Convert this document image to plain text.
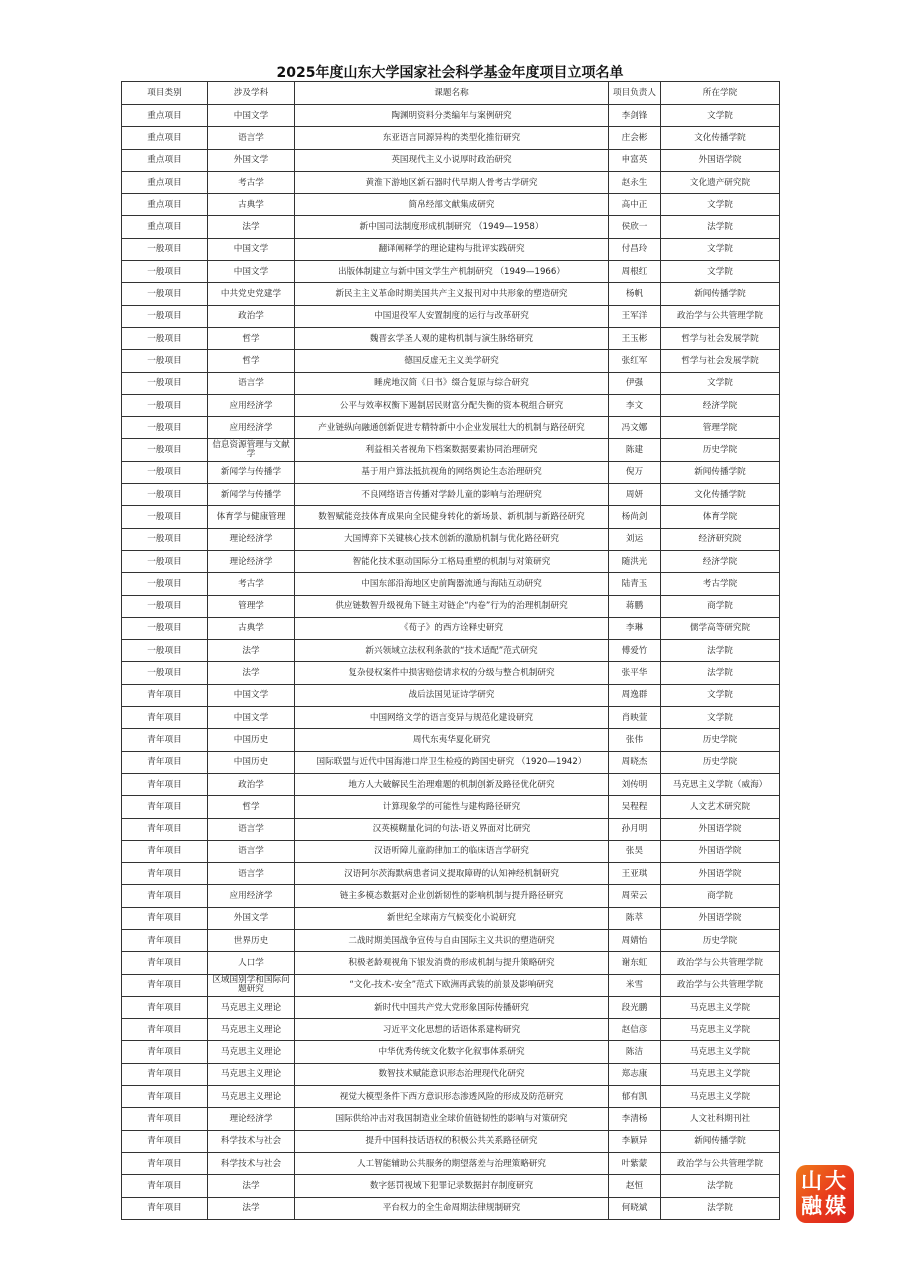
2025年度山东大学国家社会科学基金年度项目立项名单
项目类别	涉及学科	课题名称	项目负责人	所在学院
重点项目	中国文学	陶渊明资料分类编年与案例研究	李剑锋	文学院
重点项目	语言学	东亚语言同源异构的类型化推衍研究	庄会彬	文化传播学院
重点项目	外国文学	英国现代主义小说厚时政治研究	申富英	外国语学院
重点项目	考古学	黄淮下游地区新石器时代早期人骨考古学研究	赵永生	文化遗产研究院
重点项目	古典学	简帛经部文献集成研究	高中正	文学院
重点项目	法学	新中国司法制度形成机制研究 （1949—1958）	侯欣一	法学院
一般项目	中国文学	翻译阐释学的理论建构与批评实践研究	付昌玲	文学院
一般项目	中国文学	出版体制建立与新中国文学生产机制研究 （1949—1966）	周根红	文学院
一般项目	中共党史党建学	新民主主义革命时期美国共产主义报刊对中共形象的塑造研究	杨帆	新闻传播学院
一般项目	政治学	中国退役军人安置制度的运行与改革研究	王军洋	政治学与公共管理学院
一般项目	哲学	魏晋玄学圣人观的建构机制与演生脉络研究	王玉彬	哲学与社会发展学院
一般项目	哲学	德国反虚无主义美学研究	张红军	哲学与社会发展学院
一般项目	语言学	睡虎地汉简《日书》缀合复原与综合研究	伊强	文学院
一般项目	应用经济学	公平与效率权衡下遏制居民财富分配失衡的资本税组合研究	李文	经济学院
一般项目	应用经济学	产业链纵向融通创新促进专精特新中小企业发展壮大的机制与路径研究	冯文娜	管理学院
一般项目	信息资源管理与文献学	利益相关者视角下档案数据要素协同治理研究	陈建	历史学院
一般项目	新闻学与传播学	基于用户算法抵抗视角的网络舆论生态治理研究	倪万	新闻传播学院
一般项目	新闻学与传播学	不良网络语言传播对学龄儿童的影响与治理研究	周妍	文化传播学院
一般项目	体育学与健康管理	数智赋能竞技体育成果向全民健身转化的新场景、新机制与新路径研究	杨尚剑	体育学院
一般项目	理论经济学	大国博弈下关键核心技术创新的激励机制与优化路径研究	刘运	经济研究院
一般项目	理论经济学	智能化技术驱动国际分工格局重塑的机制与对策研究	随洪光	经济学院
一般项目	考古学	中国东部沿海地区史前陶器流通与海陆互动研究	陆青玉	考古学院
一般项目	管理学	供应链数智升级视角下链主对链企“内卷”行为的治理机制研究	蒋鹏	商学院
一般项目	古典学	《荀子》的西方诠释史研究	李琳	儒学高等研究院
一般项目	法学	新兴领域立法权利条款的“技术适配”范式研究	傅爱竹	法学院
一般项目	法学	复杂侵权案件中损害赔偿请求权的分级与整合机制研究	张平华	法学院
青年项目	中国文学	战后法国见证诗学研究	周逸群	文学院
青年项目	中国文学	中国网络文学的语言变异与规范化建设研究	肖映萱	文学院
青年项目	中国历史	周代东夷华夏化研究	张伟	历史学院
青年项目	中国历史	国际联盟与近代中国海港口岸卫生检疫的跨国史研究 （1920—1942）	周晓杰	历史学院
青年项目	政治学	地方人大破解民生治理难题的机制创新及路径优化研究	刘传明	马克思主义学院（威海）
青年项目	哲学	计算现象学的可能性与建构路径研究	吴程程	人文艺术研究院
青年项目	语言学	汉英模糊量化词的句法-语义界面对比研究	孙月明	外国语学院
青年项目	语言学	汉语听障儿童韵律加工的临床语言学研究	张昊	外国语学院
青年项目	语言学	汉语阿尔茨海默病患者词义提取障碍的认知神经机制研究	王亚琪	外国语学院
青年项目	应用经济学	链主多模态数据对企业创新韧性的影响机制与提升路径研究	周荣云	商学院
青年项目	外国文学	新世纪全球南方气候变化小说研究	陈萃	外国语学院
青年项目	世界历史	二战时期美国战争宣传与自由国际主义共识的塑造研究	周婧怡	历史学院
青年项目	人口学	积极老龄观视角下银发消费的形成机制与提升策略研究	谢东虹	政治学与公共管理学院
青年项目	区域国别学和国际问题研究	“文化-技术-安全”范式下欧洲再武装的前景及影响研究	米雪	政治学与公共管理学院
青年项目	马克思主义理论	新时代中国共产党大党形象国际传播研究	段光鹏	马克思主义学院
青年项目	马克思主义理论	习近平文化思想的话语体系建构研究	赵信彦	马克思主义学院
青年项目	马克思主义理论	中华优秀传统文化数字化叙事体系研究	陈洁	马克思主义学院
青年项目	马克思主义理论	数智技术赋能意识形态治理现代化研究	郑志康	马克思主义学院
青年项目	马克思主义理论	视觉大模型条件下西方意识形态渗透风险的形成及防范研究	郁有凯	马克思主义学院
青年项目	理论经济学	国际供给冲击对我国制造业全球价值链韧性的影响与对策研究	李清杨	人文社科期刊社
青年项目	科学技术与社会	提升中国科技话语权的积极公共关系路径研究	李颖异	新闻传播学院
青年项目	科学技术与社会	人工智能辅助公共服务的期望落差与治理策略研究	叶紫蒙	政治学与公共管理学院
青年项目	法学	数字惩罚视域下犯罪记录数据封存制度研究	赵恒	法学院
青年项目	法学	平台权力的全生命周期法律规制研究	何晓斌	法学院
山 大
融 媒
